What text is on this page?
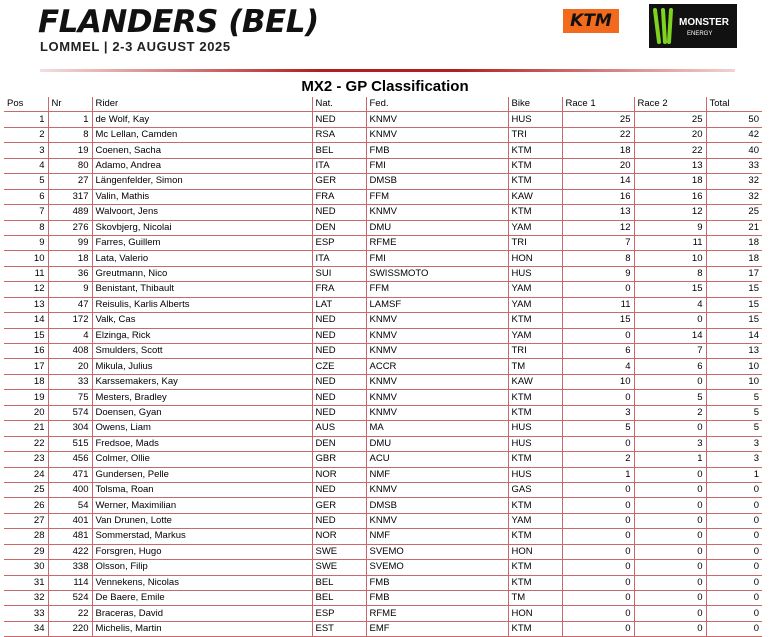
FLANDERS (BEL)
LOMMEL | 2-3 AUGUST 2025
KTM	MONSTER
ENERGY
MX2 - GP Classification
Pos	Nr	Rider	Nat.	Fed.	Bike	Race 1	Race 2	Total
1	1	de Wolf, Kay	NED	KNMV	HUS	25	25	50
2	8	Mc Lellan, Camden	RSA	KNMV	TRI	22	20	42
3	19	Coenen, Sacha	BEL	FMB	KTM	18	22	40
4	80	Adamo, Andrea	ITA	FMI	KTM	20	13	33
5	27	Längenfelder, Simon	GER	DMSB	KTM	14	18	32
6	317	Valin, Mathis	FRA	FFM	KAW	16	16	32
7	489	Walvoort, Jens	NED	KNMV	KTM	13	12	25
8	276	Skovbjerg, Nicolai	DEN	DMU	YAM	12	9	21
9	99	Farres, Guillem	ESP	RFME	TRI	7	11	18
10	18	Lata, Valerio	ITA	FMI	HON	8	10	18
11	36	Greutmann, Nico	SUI	SWISSMOTO	HUS	9	8	17
12	9	Benistant, Thibault	FRA	FFM	YAM	0	15	15
13	47	Reisulis, Karlis Alberts	LAT	LAMSF	YAM	11	4	15
14	172	Valk, Cas	NED	KNMV	KTM	15	0	15
15	4	Elzinga, Rick	NED	KNMV	YAM	0	14	14
16	408	Smulders, Scott	NED	KNMV	TRI	6	7	13
17	20	Mikula, Julius	CZE	ACCR	TM	4	6	10
18	33	Karssemakers, Kay	NED	KNMV	KAW	10	0	10
19	75	Mesters, Bradley	NED	KNMV	KTM	0	5	5
20	574	Doensen, Gyan	NED	KNMV	KTM	3	2	5
21	304	Owens, Liam	AUS	MA	HUS	5	0	5
22	515	Fredsoe, Mads	DEN	DMU	HUS	0	3	3
23	456	Colmer, Ollie	GBR	ACU	KTM	2	1	3
24	471	Gundersen, Pelle	NOR	NMF	HUS	1	0	1
25	400	Tolsma, Roan	NED	KNMV	GAS	0	0	0
26	54	Werner, Maximilian	GER	DMSB	KTM	0	0	0
27	401	Van Drunen, Lotte	NED	KNMV	YAM	0	0	0
28	481	Sommerstad, Markus	NOR	NMF	KTM	0	0	0
29	422	Forsgren, Hugo	SWE	SVEMO	HON	0	0	0
30	338	Olsson, Filip	SWE	SVEMO	KTM	0	0	0
31	114	Vennekens, Nicolas	BEL	FMB	KTM	0	0	0
32	524	De Baere, Emile	BEL	FMB	TM	0	0	0
33	22	Braceras, David	ESP	RFME	HON	0	0	0
34	220	Michelis, Martin	EST	EMF	KTM	0	0	0
